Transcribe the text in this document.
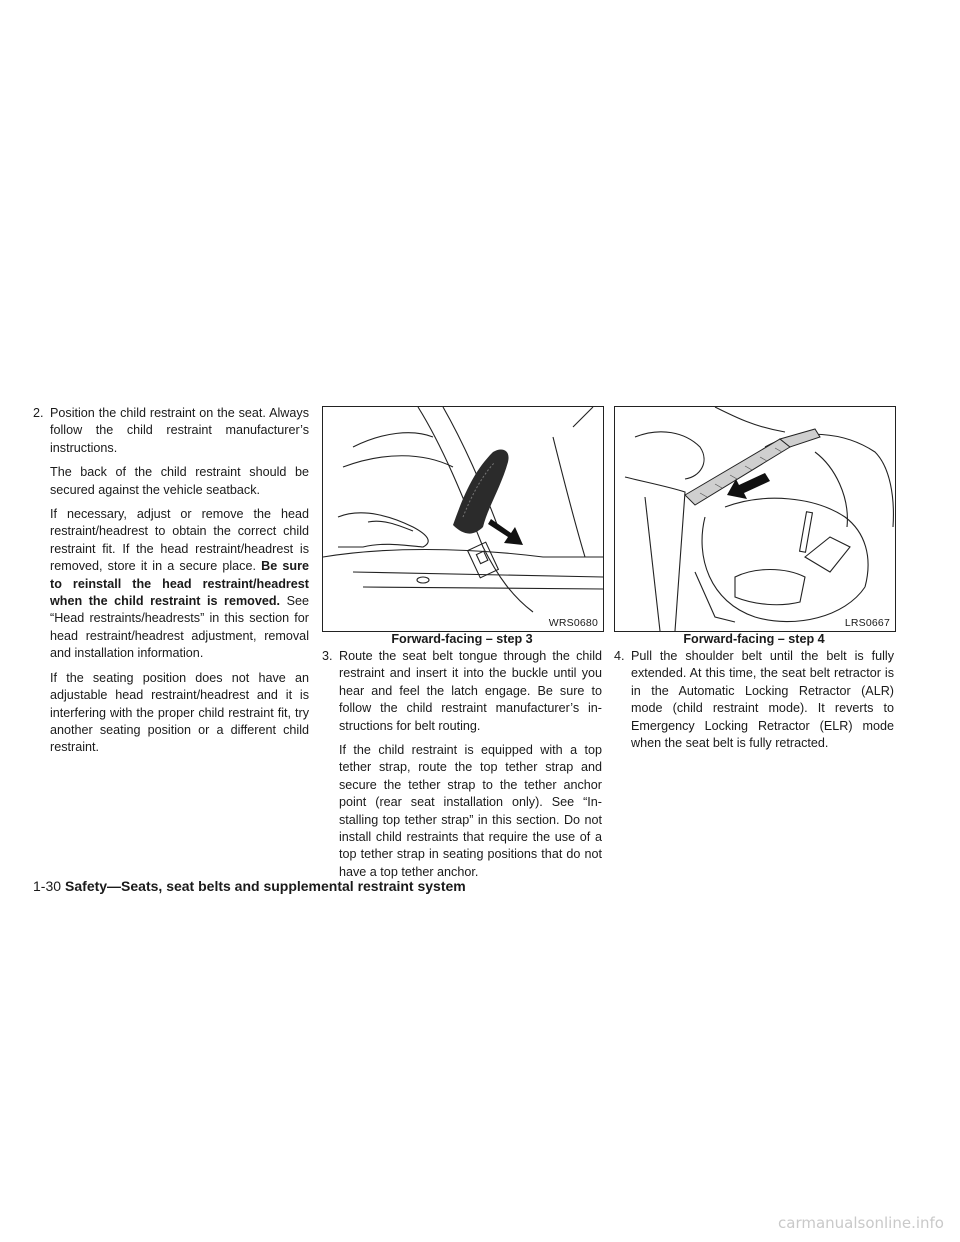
2. Position the child restraint on the seat. Always follow the child restraint manufacturer’s instructions.

The back of the child restraint should be secured against the vehicle seatback.

If necessary, adjust or remove the head restraint/headrest to obtain the correct child restraint fit. If the head restraint/headrest is removed, store it in a secure place. Be sure to reinstall the head restraint/headrest when the child restraint is removed. See “Head restraints/headrests” in this section for head restraint/headrest adjustment, removal and installation information.

If the seating position does not have an adjustable head restraint/headrest and it is interfering with the proper child restraint fit, try another seating position or a different child restraint.

WRS0680
Forward-facing – step 3
3. Route the seat belt tongue through the child restraint and insert it into the buckle until you hear and feel the latch engage. Be sure to follow the child restraint manufacturer’s instructions for belt routing.

If the child restraint is equipped with a top tether strap, route the top tether strap and secure the tether strap to the tether anchor point (rear seat installation only). See “Installing top tether strap” in this section. Do not install child restraints that require the use of a top tether strap in seating positions that do not have a top tether anchor.

LRS0667
Forward-facing – step 4
4. Pull the shoulder belt until the belt is fully extended. At this time, the seat belt retractor is in the Automatic Locking Retractor (ALR) mode (child restraint mode). It reverts to Emergency Locking Retractor (ELR) mode when the seat belt is fully retracted.

1-30 Safety—Seats, seat belts and supplemental restraint system
carmanualsonline.info
